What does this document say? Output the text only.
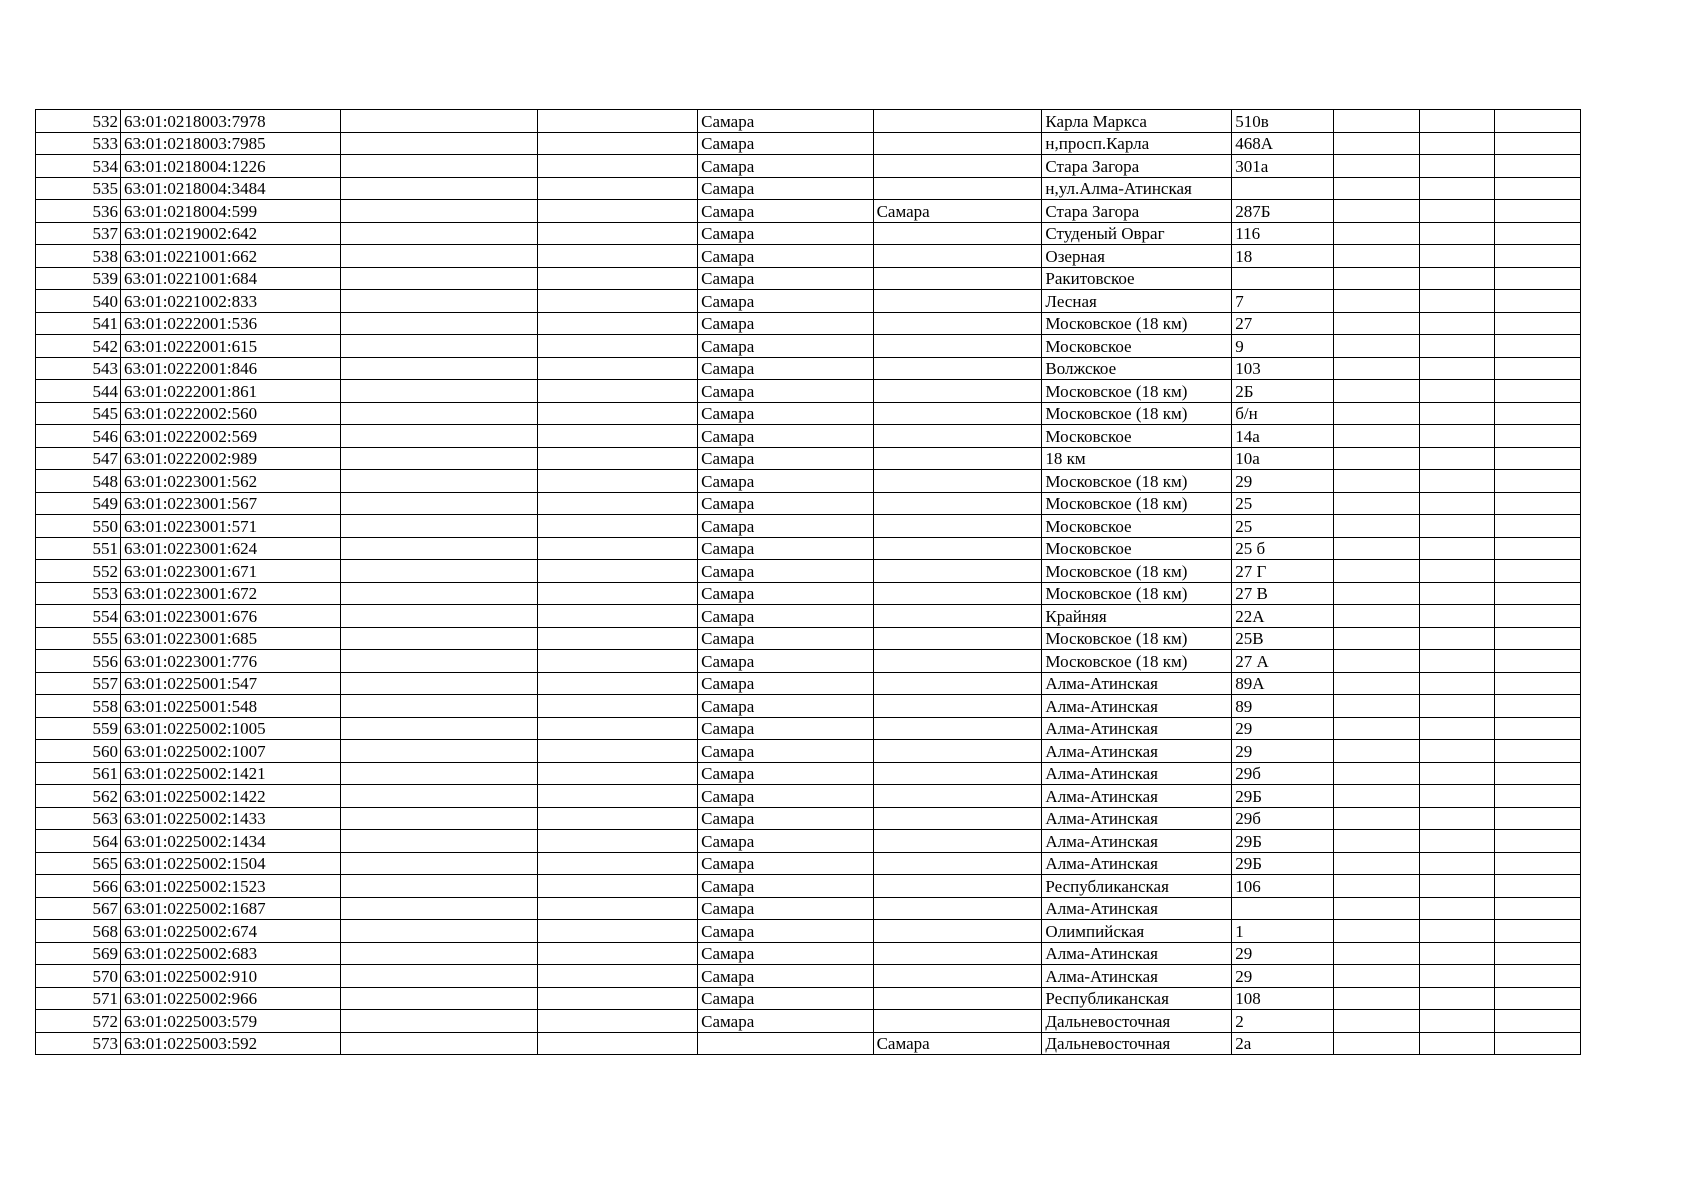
532	63:01:0218003:7978			Самара		Карла Маркса	510в			
533	63:01:0218003:7985			Самара		н,просп.Карла	468А			
534	63:01:0218004:1226			Самара		Стара Загора	301а			
535	63:01:0218004:3484			Самара		н,ул.Алма-Атинская				
536	63:01:0218004:599			Самара	Самара	Стара Загора	287Б			
537	63:01:0219002:642			Самара		Студеный Овраг	116			
538	63:01:0221001:662			Самара		Озерная	18			
539	63:01:0221001:684			Самара		Ракитовское				
540	63:01:0221002:833			Самара		Лесная	7			
541	63:01:0222001:536			Самара		Московское (18 км)	27			
542	63:01:0222001:615			Самара		Московское	9			
543	63:01:0222001:846			Самара		Волжское	103			
544	63:01:0222001:861			Самара		Московское (18 км)	2Б			
545	63:01:0222002:560			Самара		Московское (18 км)	б/н			
546	63:01:0222002:569			Самара		Московское	14а			
547	63:01:0222002:989			Самара		18 км	10а			
548	63:01:0223001:562			Самара		Московское (18 км)	29			
549	63:01:0223001:567			Самара		Московское (18 км)	25			
550	63:01:0223001:571			Самара		Московское	25			
551	63:01:0223001:624			Самара		Московское	25 б			
552	63:01:0223001:671			Самара		Московское (18 км)	27 Г			
553	63:01:0223001:672			Самара		Московское (18 км)	27 В			
554	63:01:0223001:676			Самара		Крайняя	22А			
555	63:01:0223001:685			Самара		Московское (18 км)	25В			
556	63:01:0223001:776			Самара		Московское (18 км)	27 А			
557	63:01:0225001:547			Самара		Алма-Атинская	89А			
558	63:01:0225001:548			Самара		Алма-Атинская	89			
559	63:01:0225002:1005			Самара		Алма-Атинская	29			
560	63:01:0225002:1007			Самара		Алма-Атинская	29			
561	63:01:0225002:1421			Самара		Алма-Атинская	29б			
562	63:01:0225002:1422			Самара		Алма-Атинская	29Б			
563	63:01:0225002:1433			Самара		Алма-Атинская	29б			
564	63:01:0225002:1434			Самара		Алма-Атинская	29Б			
565	63:01:0225002:1504			Самара		Алма-Атинская	29Б			
566	63:01:0225002:1523			Самара		Республиканская	106			
567	63:01:0225002:1687			Самара		Алма-Атинская				
568	63:01:0225002:674			Самара		Олимпийская	1			
569	63:01:0225002:683			Самара		Алма-Атинская	29			
570	63:01:0225002:910			Самара		Алма-Атинская	29			
571	63:01:0225002:966			Самара		Республиканская	108			
572	63:01:0225003:579			Самара		Дальневосточная	2			
573	63:01:0225003:592				Самара	Дальневосточная	2а			
